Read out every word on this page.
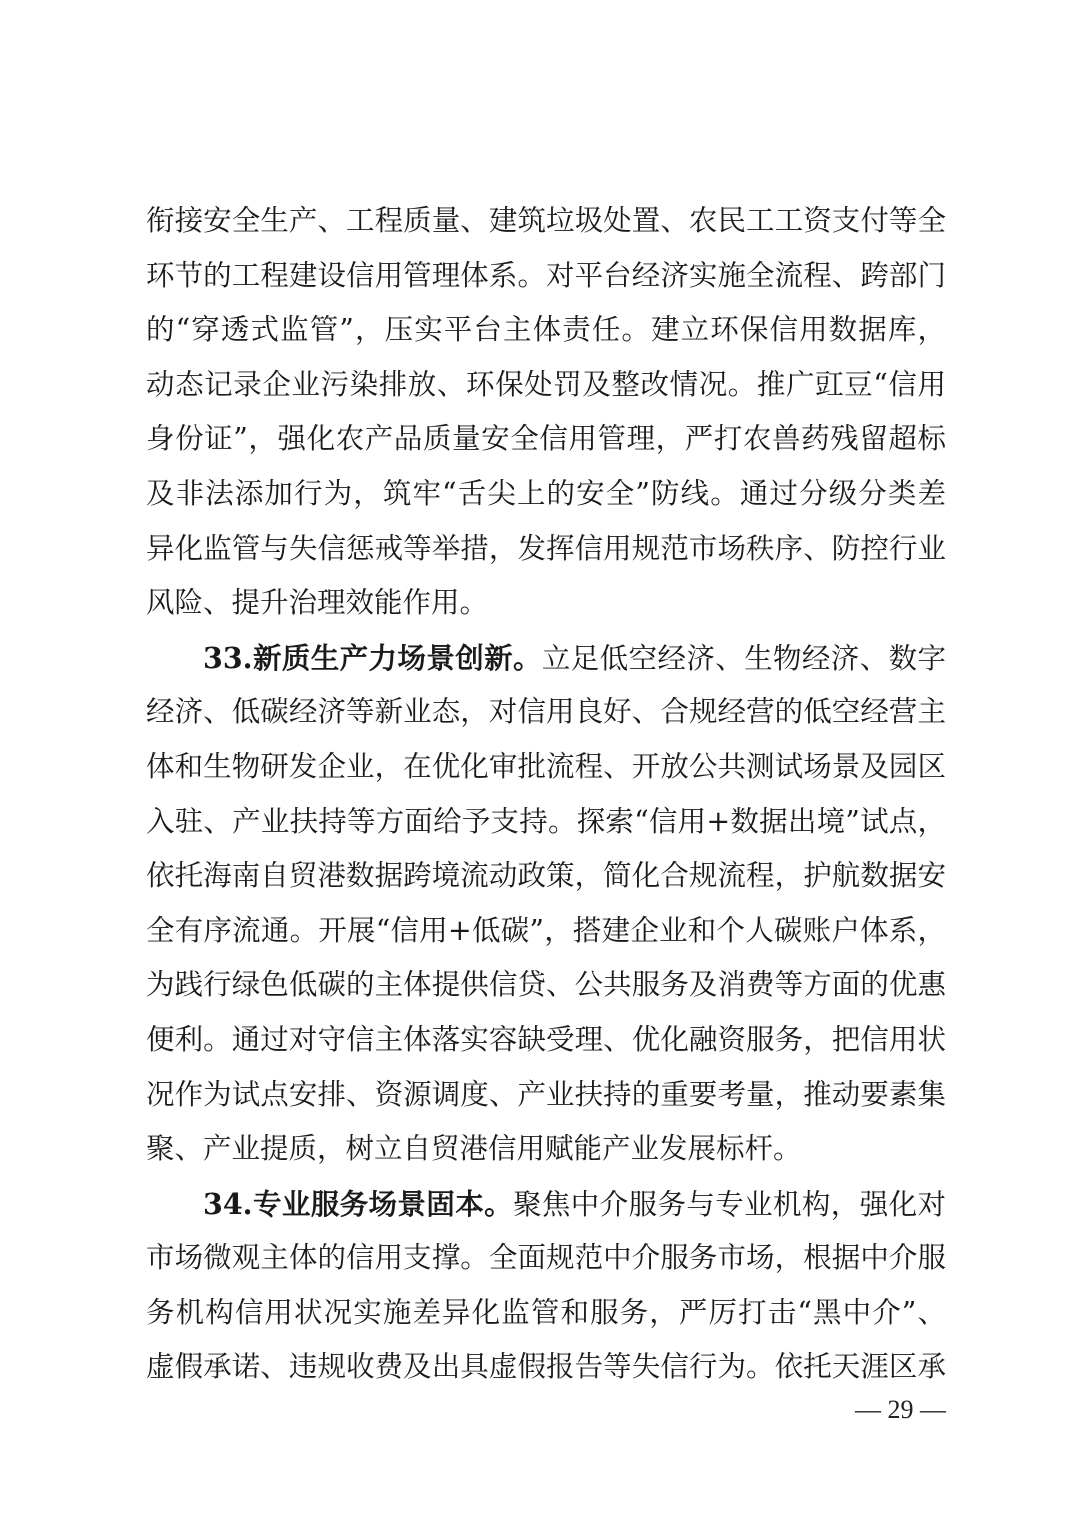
衔接安全生产、工程质量、建筑垃圾处置、农民工工资支付等全
环节的工程建设信用管理体系。对平台经济实施全流程、跨部门
的“穿透式监管”，压实平台主体责任。建立环保信用数据库，
动态记录企业污染排放、环保处罚及整改情况。推广豇豆“信用
身份证”，强化农产品质量安全信用管理，严打农兽药残留超标
及非法添加行为，筑牢“舌尖上的安全”防线。通过分级分类差
异化监管与失信惩戒等举措，发挥信用规范市场秩序、防控行业
风险、提升治理效能作用。
33.新质生产力场景创新。立足低空经济、生物经济、数字
经济、低碳经济等新业态，对信用良好、合规经营的低空经营主
体和生物研发企业，在优化审批流程、开放公共测试场景及园区
入驻、产业扶持等方面给予支持。探索“信用+数据出境”试点，
依托海南自贸港数据跨境流动政策，简化合规流程，护航数据安
全有序流通。开展“信用+低碳”，搭建企业和个人碳账户体系，
为践行绿色低碳的主体提供信贷、公共服务及消费等方面的优惠
便利。通过对守信主体落实容缺受理、优化融资服务，把信用状
况作为试点安排、资源调度、产业扶持的重要考量，推动要素集
聚、产业提质，树立自贸港信用赋能产业发展标杆。
34.专业服务场景固本。聚焦中介服务与专业机构，强化对
市场微观主体的信用支撑。全面规范中介服务市场，根据中介服
务机构信用状况实施差异化监管和服务，严厉打击“黑中介”、
虚假承诺、违规收费及出具虚假报告等失信行为。依托天涯区承
— 29 —
